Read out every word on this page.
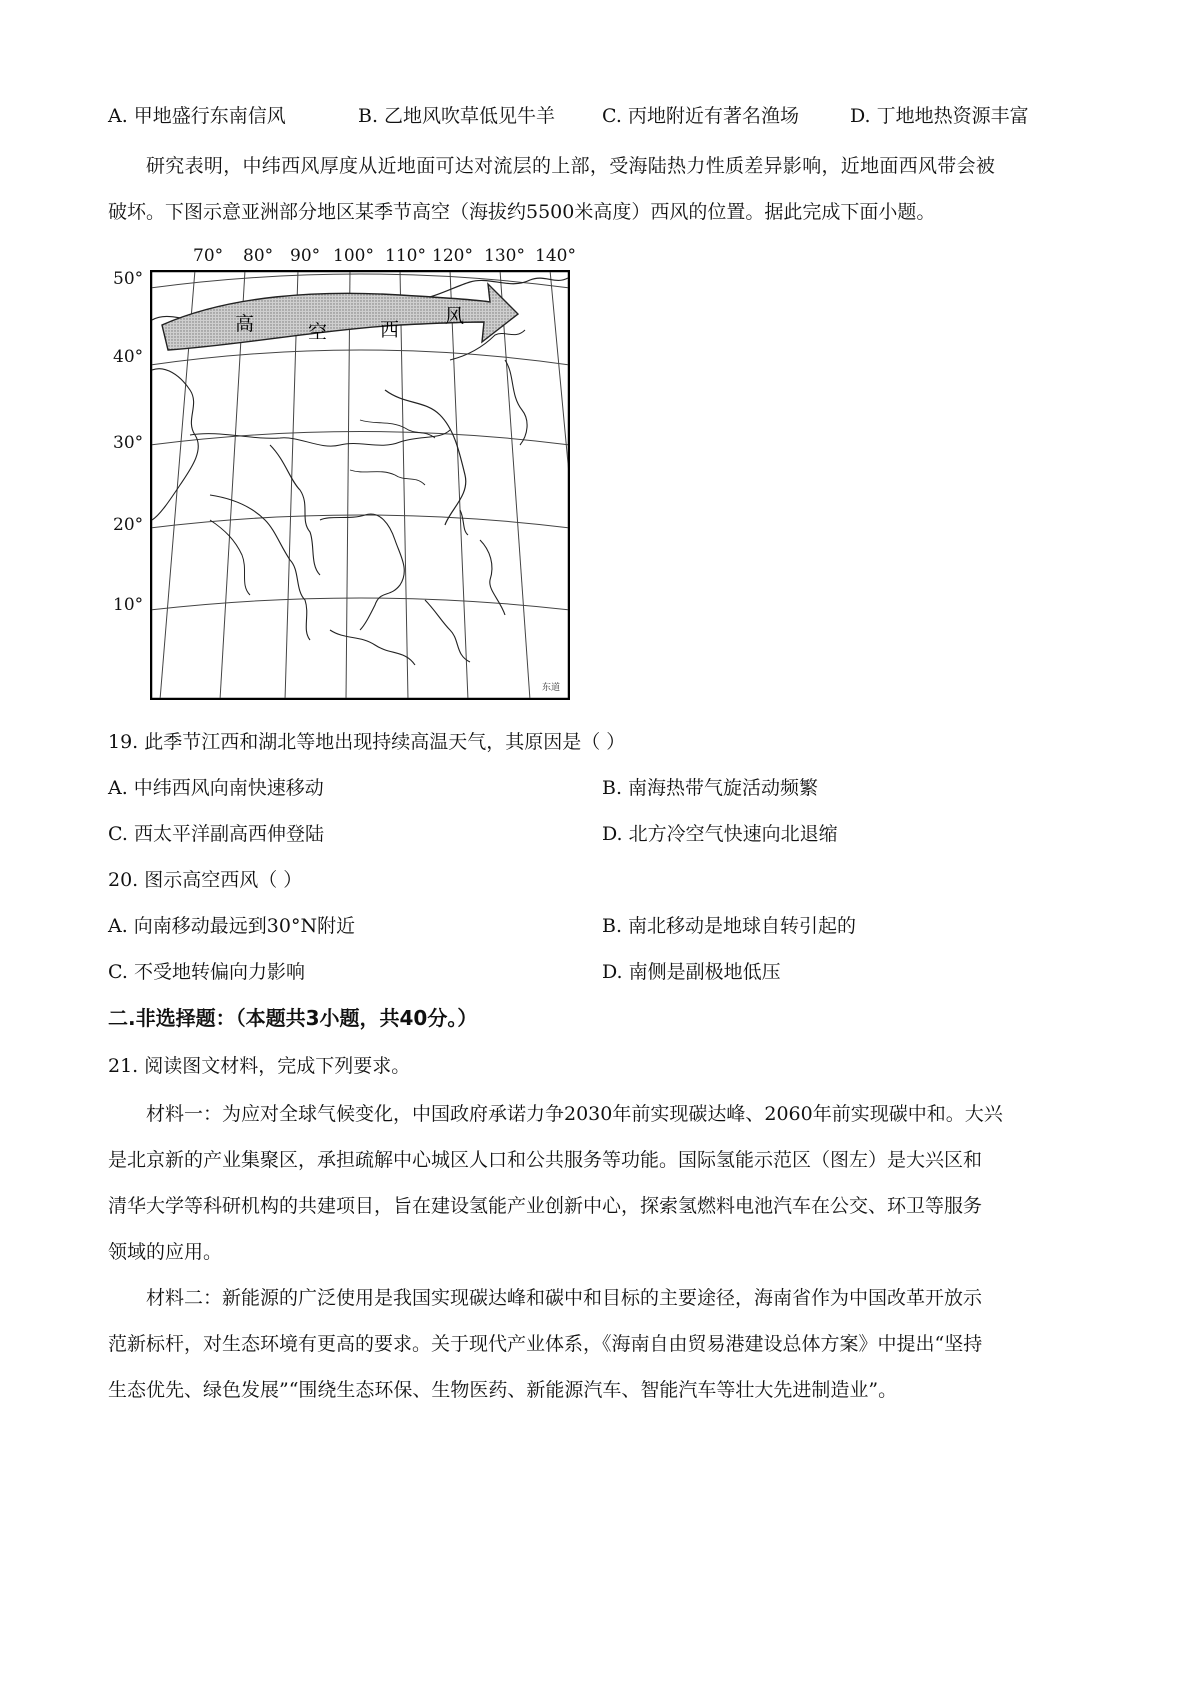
A. 甲地盛行东南信风	B. 乙地风吹草低见牛羊 C. 丙地附近有著名渔场	D. 丁地地热资源丰富
研究表明，中纬西风厚度从近地面可达对流层的上部，受海陆热力性质差异影响，近地面西风带会被
破坏。下图示意亚洲部分地区某季节高空（海拔约5500米高度）西风的位置。据此完成下面小题。
70° 80° 90° 100° 110° 120° 130° 140°
50°
40°
30°
20°
10°
高	空	西
风
东道
19. 此季节江西和湖北等地出现持续高温天气，其原因是（ ）
A. 中纬西风向南快速移动	B. 南海热带气旋活动频繁
C. 西太平洋副高西伸登陆	D. 北方冷空气快速向北退缩
20. 图示高空西风（ ）
A. 向南移动最远到30°N附近	B. 南北移动是地球自转引起的
C. 不受地转偏向力影响	D. 南侧是副极地低压
二.非选择题：（本题共3小题，共40分。）
21. 阅读图文材料，完成下列要求。
材料一：为应对全球气候变化，中国政府承诺力争2030年前实现碳达峰、2060年前实现碳中和。大兴
是北京新的产业集聚区，承担疏解中心城区人口和公共服务等功能。国际氢能示范区（图左）是大兴区和
清华大学等科研机构的共建项目，旨在建设氢能产业创新中心，探索氢燃料电池汽车在公交、环卫等服务
领域的应用。
材料二：新能源的广泛使用是我国实现碳达峰和碳中和目标的主要途径，海南省作为中国改革开放示
范新标杆，对生态环境有更高的要求。关于现代产业体系，《海南自由贸易港建设总体方案》中提出“坚持
生态优先、绿色发展”“围绕生态环保、生物医药、新能源汽车、智能汽车等壮大先进制造业”。
